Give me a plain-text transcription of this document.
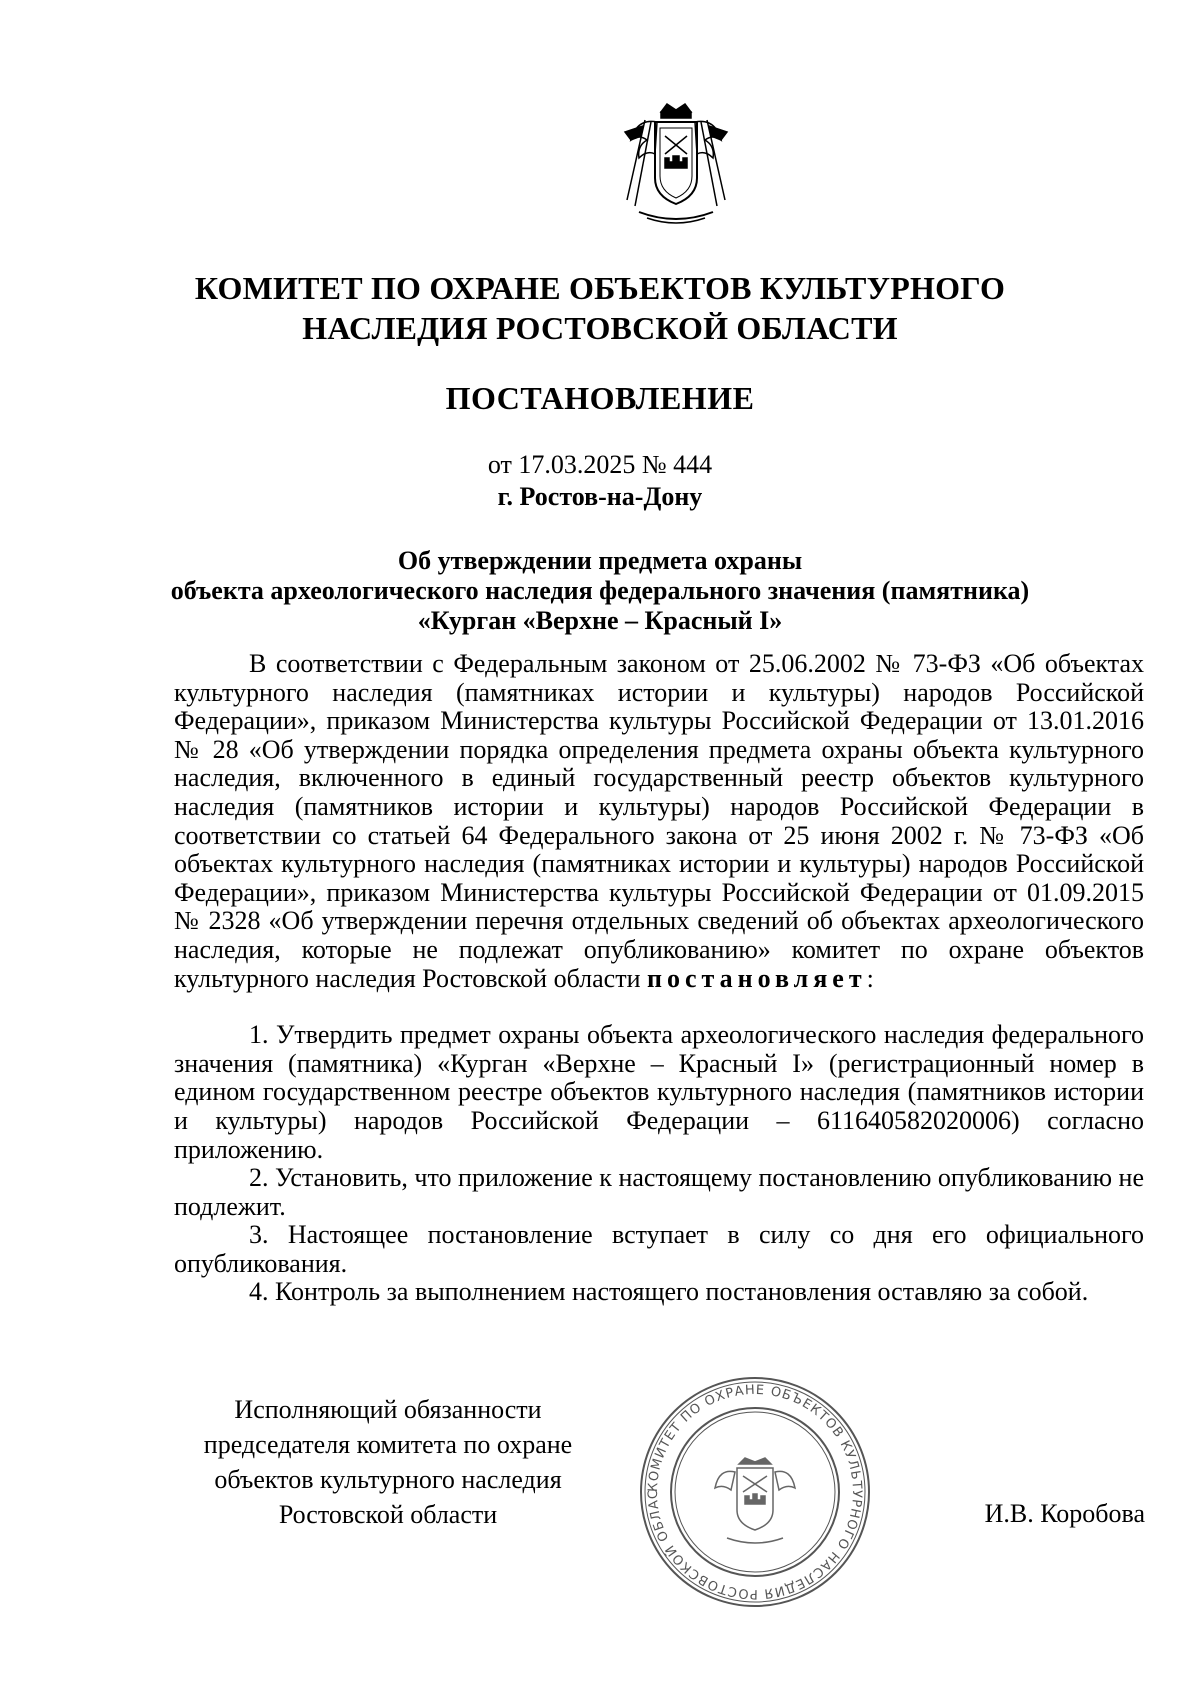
КОМИТЕТ ПО ОХРАНЕ ОБЪЕКТОВ КУЛЬТУРНОГО
НАСЛЕДИЯ РОСТОВСКОЙ ОБЛАСТИ
ПОСТАНОВЛЕНИЕ
от 17.03.2025 № 444
г. Ростов-на-Дону
Об утверждении предмета охраны
объекта археологического наследия федерального значения (памятника)
«Курган «Верхне – Красный I»

В соответствии с Федеральным законом от 25.06.2002 № 73-ФЗ «Об объектах культурного наследия (памятниках истории и культуры) народов Российской Федерации», приказом Министерства культуры Российской Федерации от 13.01.2016 № 28 «Об утверждении порядка определения предмета охраны объекта культурного наследия, включенного в единый государственный реестр объектов культурного наследия (памятников истории и культуры) народов Российской Федерации в соответствии со статьей 64 Федерального закона от 25 июня 2002 г. № 73-ФЗ «Об объектах культурного наследия (памятниках истории и культуры) народов Российской Федерации», приказом Министерства культуры Российской Федерации от 01.09.2015 № 2328 «Об утверждении перечня отдельных сведений об объектах археологического наследия, которые не подлежат опубликованию» комитет по охране объектов культурного наследия Ростовской области постановляет:

1. Утвердить предмет охраны объекта археологического наследия федерального значения (памятника) «Курган «Верхне – Красный I» (регистрационный номер в едином государственном реестре объектов культурного наследия (памятников истории и культуры) народов Российской Федерации – 611640582020006) согласно приложению.

2. Установить, что приложение к настоящему постановлению опубликованию не подлежит.

3. Настоящее постановление вступает в силу со дня его официального опубликования.

4. Контроль за выполнением настоящего постановления оставляю за собой.

Исполняющий обязанности
председателя комитета по охране
объектов культурного наследия
Ростовской области
КОМИТЕТ ПО ОХРАНЕ ОБЪЕКТОВ КУЛЬТУРНОГО НАСЛЕДИЯ РОСТОВСКОЙ ОБЛАС
И.В. Коробова
